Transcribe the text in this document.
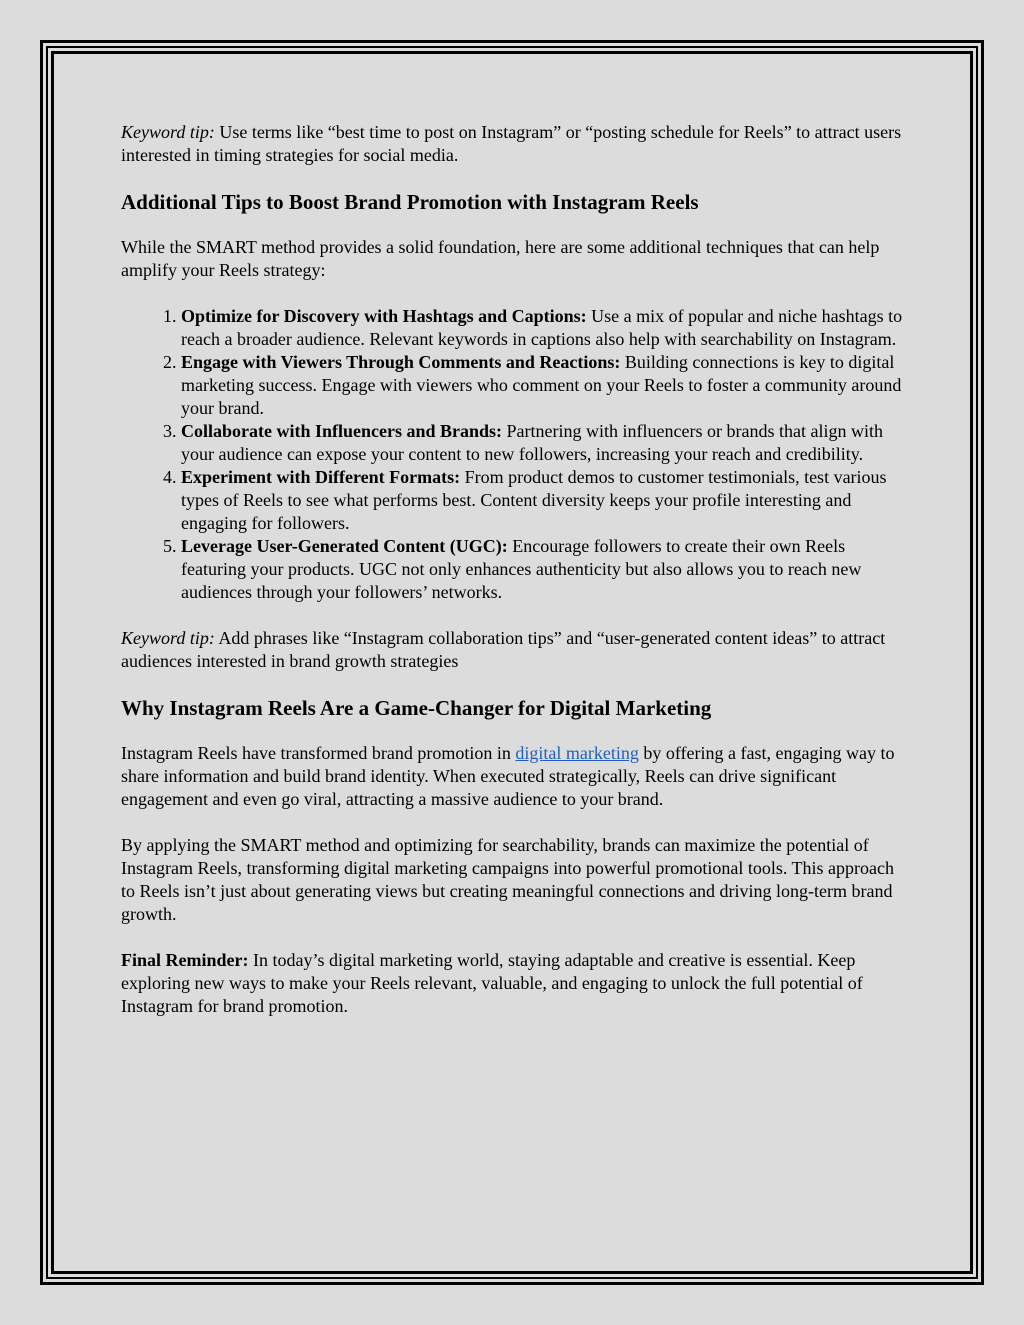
Keyword tip: Use terms like “best time to post on Instagram” or “posting schedule for Reels” to attract users interested in timing strategies for social media.

Additional Tips to Boost Brand Promotion with Instagram Reels

While the SMART method provides a solid foundation, here are some additional techniques that can help amplify your Reels strategy:

1. Optimize for Discovery with Hashtags and Captions: Use a mix of popular and niche hashtags to reach a broader audience. Relevant keywords in captions also help with searchability on Instagram.
2. Engage with Viewers Through Comments and Reactions: Building connections is key to digital marketing success. Engage with viewers who comment on your Reels to foster a community around your brand.
3. Collaborate with Influencers and Brands: Partnering with influencers or brands that align with your audience can expose your content to new followers, increasing your reach and credibility.
4. Experiment with Different Formats: From product demos to customer testimonials, test various types of Reels to see what performs best. Content diversity keeps your profile interesting and engaging for followers.
5. Leverage User-Generated Content (UGC): Encourage followers to create their own Reels featuring your products. UGC not only enhances authenticity but also allows you to reach new audiences through your followers’ networks.

Keyword tip: Add phrases like “Instagram collaboration tips” and “user-generated content ideas” to attract audiences interested in brand growth strategies

Why Instagram Reels Are a Game-Changer for Digital Marketing

Instagram Reels have transformed brand promotion in digital marketing by offering a fast, engaging way to share information and build brand identity. When executed strategically, Reels can drive significant engagement and even go viral, attracting a massive audience to your brand.

By applying the SMART method and optimizing for searchability, brands can maximize the potential of Instagram Reels, transforming digital marketing campaigns into powerful promotional tools. This approach to Reels isn’t just about generating views but creating meaningful connections and driving long-term brand growth.

Final Reminder: In today’s digital marketing world, staying adaptable and creative is essential. Keep exploring new ways to make your Reels relevant, valuable, and engaging to unlock the full potential of Instagram for brand promotion.
